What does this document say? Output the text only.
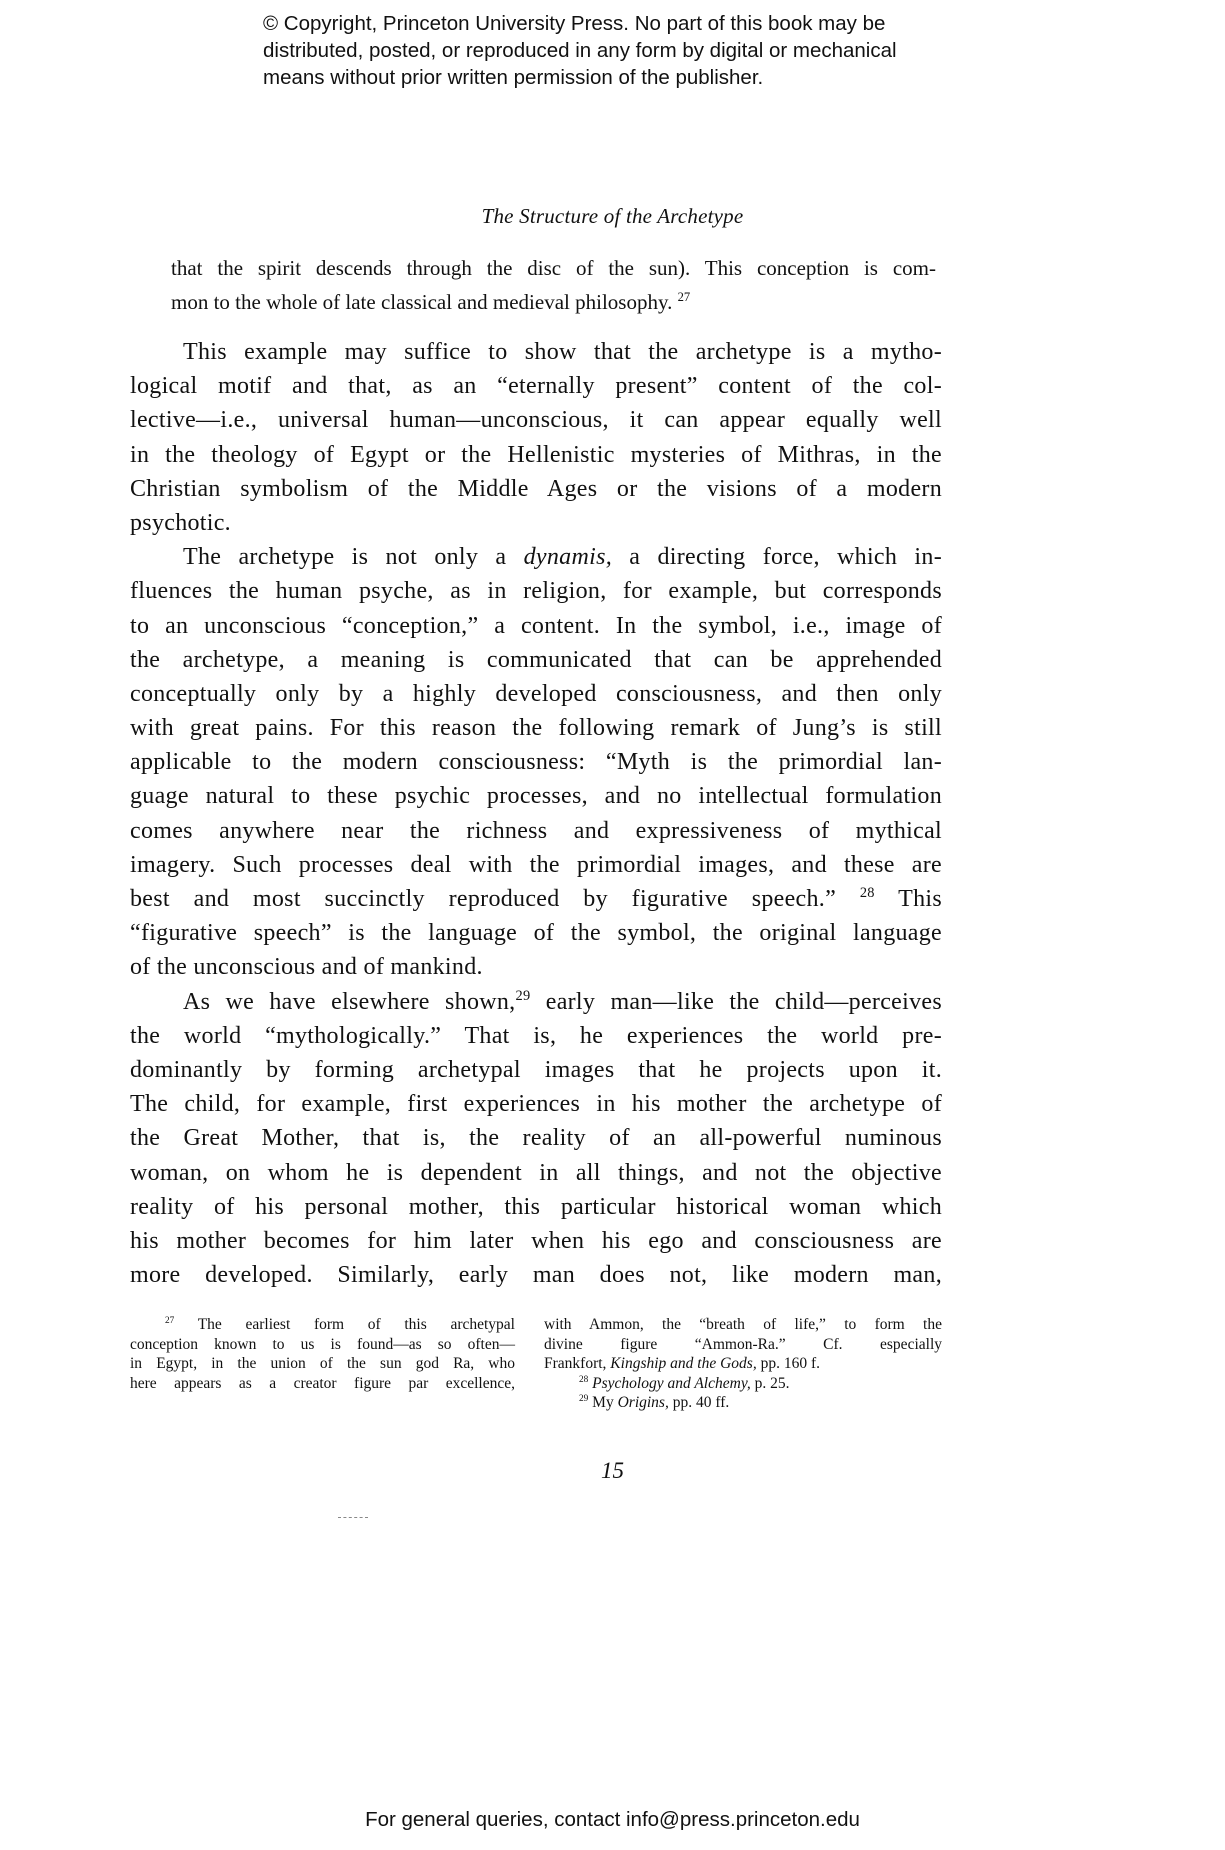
© Copyright, Princeton University Press. No part of this book may be
distributed, posted, or reproduced in any form by digital or mechanical
means without prior written permission of the publisher.
The Structure of the Archetype
that the spirit descends through the disc of the sun). This conception is com-
mon to the whole of late classical and medieval philosophy. $^{27}$
This example may suffice to show that the archetype is a mytho-
logical motif and that, as an “eternally present” content of the col-
lective—i.e., universal human—unconscious, it can appear equally well
in the theology of Egypt or the Hellenistic mysteries of Mithras, in the
Christian symbolism of the Middle Ages or the visions of a modern
psychotic.
The archetype is not only a dynamis, a directing force, which in-
fluences the human psyche, as in religion, for example, but corresponds
to an unconscious “conception,” a content. In the symbol, i.e., image of
the archetype, a meaning is communicated that can be apprehended
conceptually only by a highly developed consciousness, and then only
with great pains. For this reason the following remark of Jung’s is still
applicable to the modern consciousness: “Myth is the primordial lan-
guage natural to these psychic processes, and no intellectual formulation
comes anywhere near the richness and expressiveness of mythical
imagery. Such processes deal with the primordial images, and these are
best and most succinctly reproduced by figurative speech.” $^{28}$ This
“figurative speech” is the language of the symbol, the original language
of the unconscious and of mankind.
As we have elsewhere shown,$^{29}$ early man—like the child—perceives
the world “mythologically.” That is, he experiences the world pre-
dominantly by forming archetypal images that he projects upon it.
The child, for example, first experiences in his mother the archetype of
the Great Mother, that is, the reality of an all-powerful numinous
woman, on whom he is dependent in all things, and not the objective
reality of his personal mother, this particular historical woman which
his mother becomes for him later when his ego and consciousness are
more developed. Similarly, early man does not, like modern man,
$^{27}$ The earliest form of this archetypal
conception known to us is found—as so often—
in Egypt, in the union of the sun god Ra, who
here appears as a creator figure par excellence,
with Ammon, the “breath of life,” to form the
divine figure “Ammon-Ra.” Cf. especially
Frankfort, Kingship and the Gods, pp. 160 f.
$^{28}$ Psychology and Alchemy, p. 25.
$^{29}$ My Origins, pp. 40 ff.
15
For general queries, contact info@press.princeton.edu
